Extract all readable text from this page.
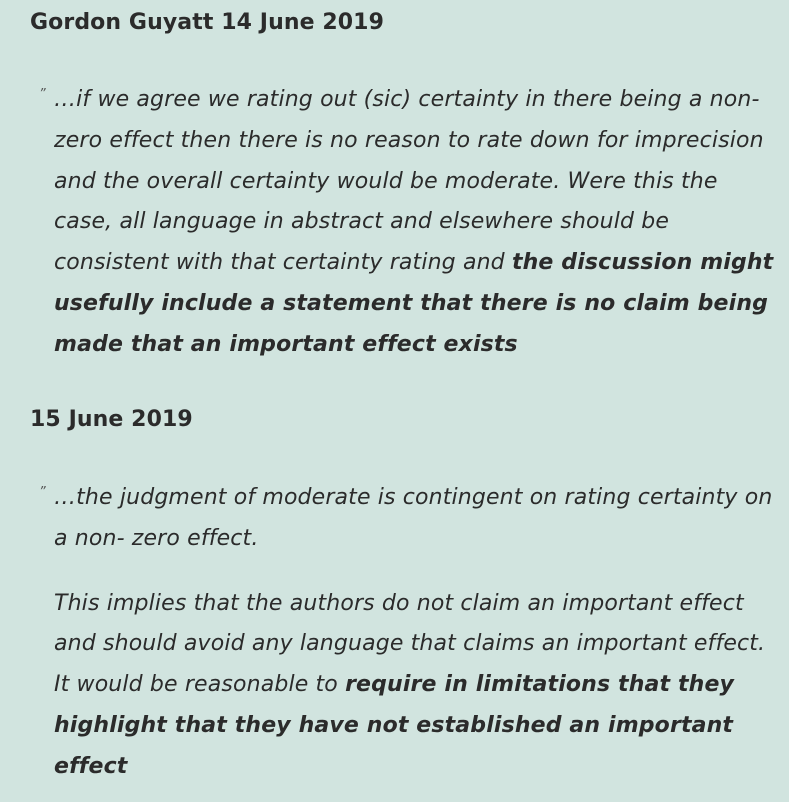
Gordon Guyatt 14 June 2019
” …if we agree we rating out (sic) certainty in there being a non-zero effect then there is no reason to rate down for imprecision and the overall certainty would be moderate. Were this the case, all language in abstract and elsewhere should be consistent with that certainty rating and the discussion might usefully include a statement that there is no claim being made that an important effect exists

15 June 2019
” …the judgment of moderate is contingent on rating certainty on a non- zero effect.

This implies that the authors do not claim an important effect and should avoid any language that claims an important effect. It would be reasonable to require in limitations that they highlight that they have not established an important effect
